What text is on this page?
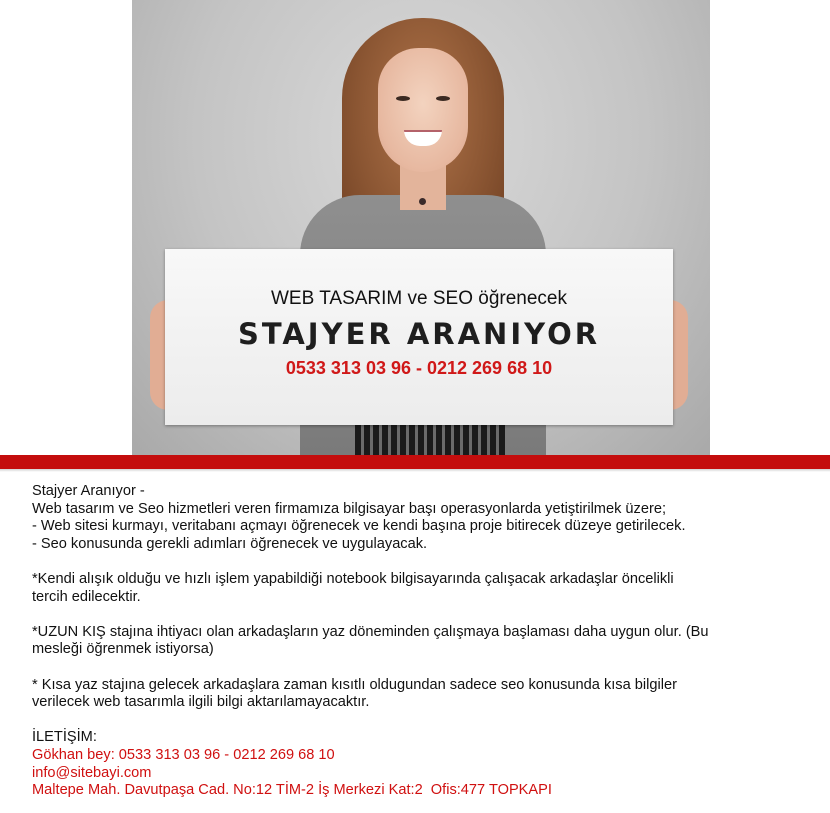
WEB TASARIM ve SEO öğrenecek
STAJYER ARANIYOR
0533 313 03 96 - 0212 269 68 10
Stajyer Aranıyor -
Web tasarım ve Seo hizmetleri veren firmamıza bilgisayar başı operasyonlarda yetiştirilmek üzere;
- Web sitesi kurmayı, veritabanı açmayı öğrenecek ve kendi başına proje bitirecek düzeye getirilecek.
- Seo konusunda gerekli adımları öğrenecek ve uygulayacak.
*Kendi alışık olduğu ve hızlı işlem yapabildiği notebook bilgisayarında çalışacak arkadaşlar öncelikli
tercih edilecektir.
*UZUN KIŞ stajına ihtiyacı olan arkadaşların yaz döneminden çalışmaya başlaması daha uygun olur. (Bu
mesleği öğrenmek istiyorsa)
* Kısa yaz stajına gelecek arkadaşlara zaman kısıtlı oldugundan sadece seo konusunda kısa bilgiler
verilecek web tasarımla ilgili bilgi aktarılamayacaktır.
İLETİŞİM:
Gökhan bey: 0533 313 03 96 - 0212 269 68 10
info@sitebayi.com
Maltepe Mah. Davutpaşa Cad. No:12 TİM-2 İş Merkezi Kat:2  Ofis:477 TOPKAPI
